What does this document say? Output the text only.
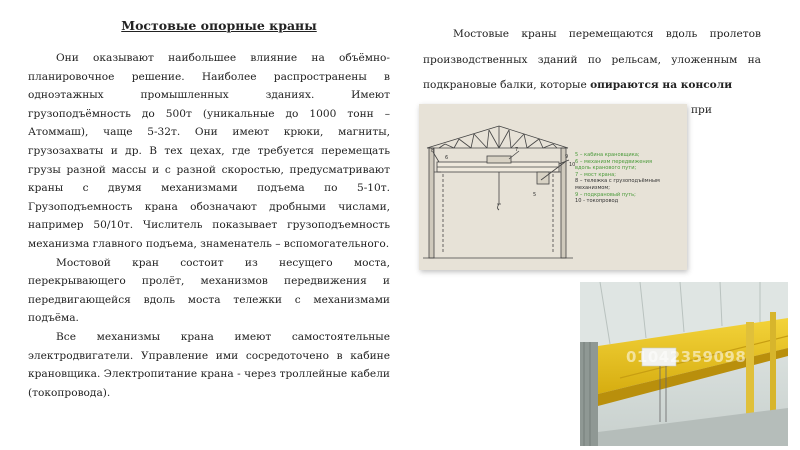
Мостовые опорные краны

Они оказывают наибольшее влияние на объёмно-планировочное решение. Наиболее распространены в одноэтажных промышленных зданиях. Имеют грузоподъёмность до 500т (уникальные до 1000 тонн – Атоммаш), чаще 5-32т. Они имеют крюки, магниты, грузозахваты и др. В тех цехах, где требуется перемещать грузы разной массы и с разной скоростью, предусматривают краны с двумя механизмами подъема по 5-10т. Грузоподъемность крана обозначают дробными числами, например 50/10т. Числитель показывает грузоподъемность механизма главного подъема, знаменатель – вспомогательного.

Мостовой кран состоит из несущего моста, перекрывающего пролёт, механизмов передвижения и передвигающейся вдоль моста тележки с механизмами подъёма.

Все механизмы крана имеют самостоятельные электродвигатели. Управление ими сосредоточено в кабине крановщика. Электропитание крана - через троллейные кабели (токопровода).

Мостовые краны перемещаются вдоль пролетов производственных зданий по рельсам, уложенным на подкрановые балки, которые опираются на консоли
при
5
6
7
8
9
10
5 – кабина крановщика;
6 – механизм передвижения
вдоль кранового пути;
7 – мост крана;
8 – тележка с грузоподъёмным
механизмом;
9 – подкрановый путь;
10 - токопровод
01042359098
